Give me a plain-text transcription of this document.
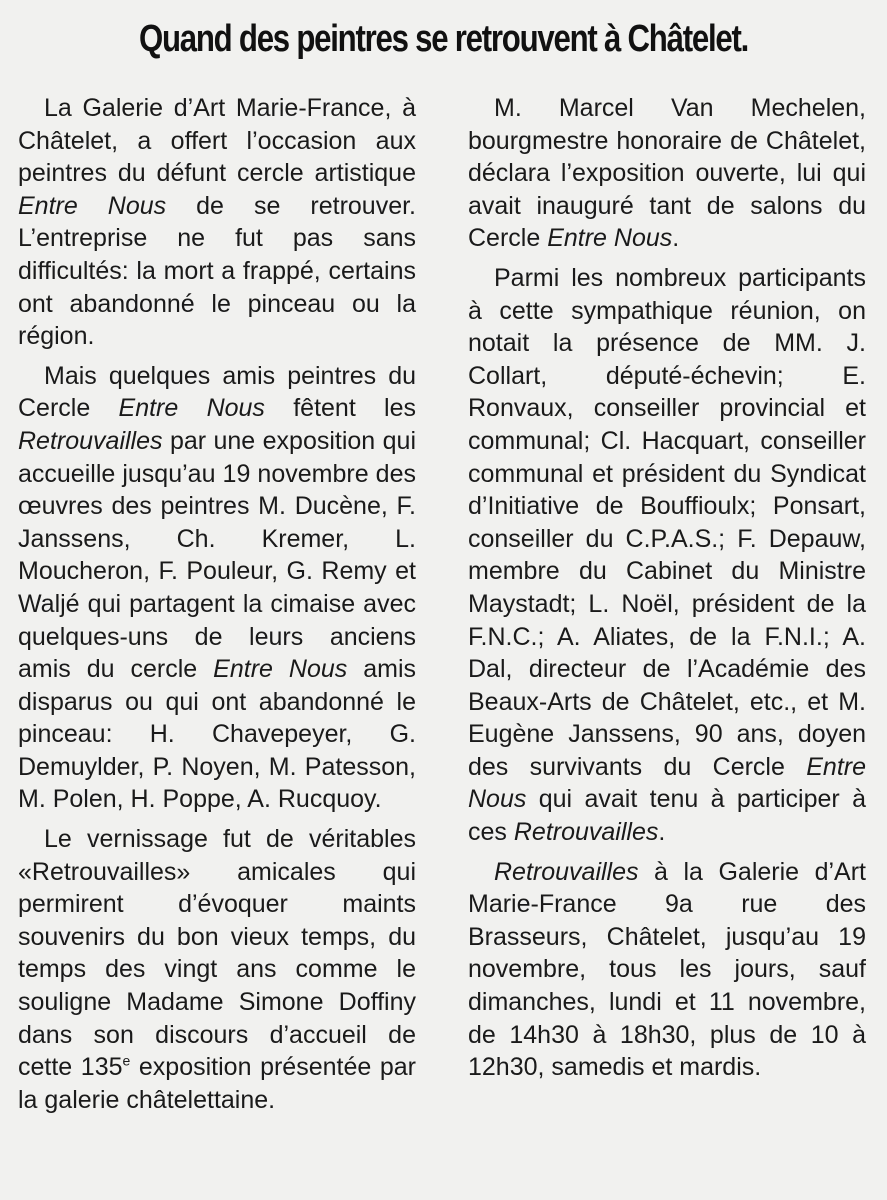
Quand des peintres se retrouvent à Châtelet.

La Galerie d’Art Marie-France, à Châtelet, a offert l’occasion aux peintres du défunt cercle artistique Entre Nous de se retrouver. L’entreprise ne fut pas sans difficultés: la mort a frappé, certains ont abandonné le pinceau ou la région.

Mais quelques amis peintres du Cercle Entre Nous fêtent les Retrouvailles par une exposition qui accueille jusqu’au 19 novembre des œuvres des peintres M. Ducène, F. Janssens, Ch. Kremer, L. Moucheron, F. Pouleur, G. Remy et Waljé qui partagent la cimaise avec quelques-uns de leurs anciens amis du cercle Entre Nous amis disparus ou qui ont abandonné le pinceau: H. Chavepeyer, G. Demuylder, P. Noyen, M. Patesson, M. Polen, H. Poppe, A. Rucquoy.

Le vernissage fut de véritables «Retrouvailles» amicales qui permirent d’évoquer maints souvenirs du bon vieux temps, du temps des vingt ans comme le souligne Madame Simone Doffiny dans son discours d’accueil de cette 135e exposition présentée par la galerie châtelettaine.

M. Marcel Van Mechelen, bourgmestre honoraire de Châtelet, déclara l’exposition ouverte, lui qui avait inauguré tant de salons du Cercle Entre Nous.

Parmi les nombreux participants à cette sympathique réunion, on notait la présence de MM. J. Collart, député-échevin; E. Ronvaux, conseiller provincial et communal; Cl. Hacquart, conseiller communal et président du Syndicat d’Initiative de Bouffioulx; Ponsart, conseiller du C.P.A.S.; F. Depauw, membre du Cabinet du Ministre Maystadt; L. Noël, président de la F.N.C.; A. Aliates, de la F.N.I.; A. Dal, directeur de l’Académie des Beaux-Arts de Châtelet, etc., et M. Eugène Janssens, 90 ans, doyen des survivants du Cercle Entre Nous qui avait tenu à participer à ces Retrouvailles.

Retrouvailles à la Galerie d’Art Marie-France 9a rue des Brasseurs, Châtelet, jusqu’au 19 novembre, tous les jours, sauf dimanches, lundi et 11 novembre, de 14h30 à 18h30, plus de 10 à 12h30, samedis et mardis.
